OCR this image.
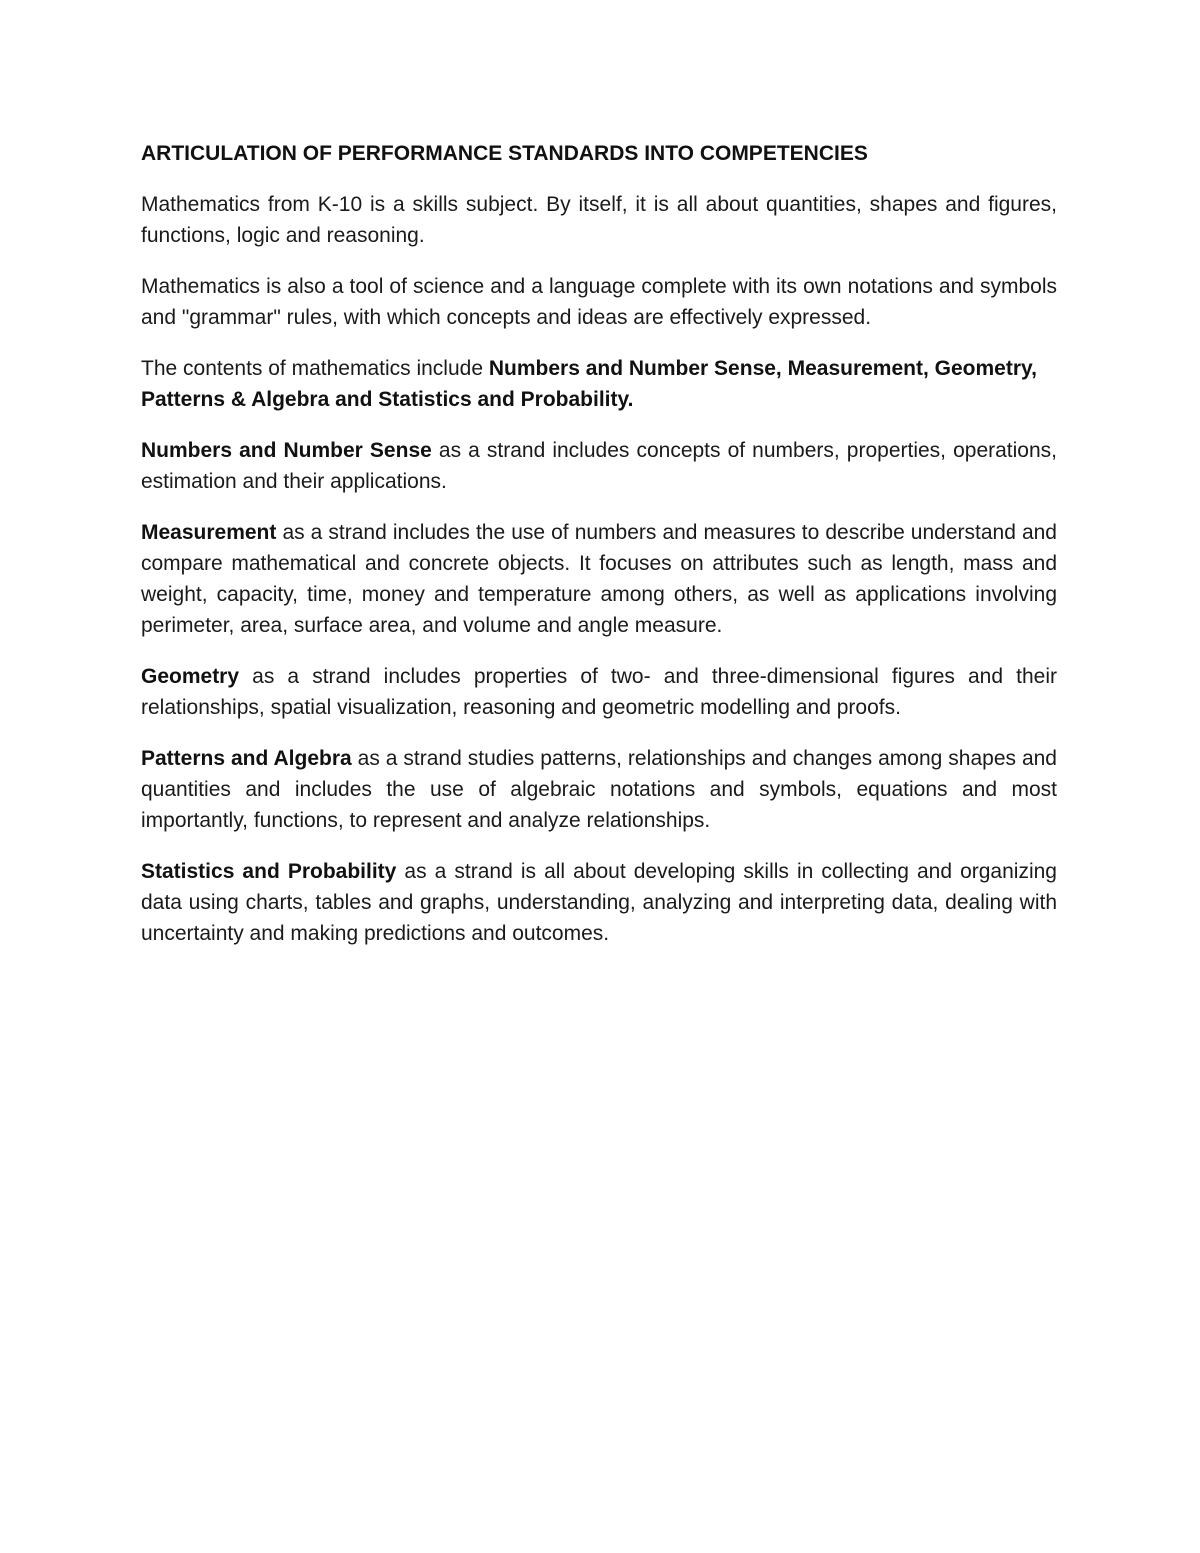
ARTICULATION OF PERFORMANCE STANDARDS INTO COMPETENCIES

Mathematics from K-10 is a skills subject. By itself, it is all about quantities, shapes and figures, functions, logic and reasoning.

Mathematics is also a tool of science and a language complete with its own notations and symbols and "grammar" rules, with which concepts and ideas are effectively expressed.

The contents of mathematics include Numbers and Number Sense, Measurement, Geometry, Patterns & Algebra and Statistics and Probability.

Numbers and Number Sense as a strand includes concepts of numbers, properties, operations, estimation and their applications.

Measurement as a strand includes the use of numbers and measures to describe understand and compare mathematical and concrete objects. It focuses on attributes such as length, mass and weight, capacity, time, money and temperature among others, as well as applications involving perimeter, area, surface area, and volume and angle measure.

Geometry as a strand includes properties of two- and three-dimensional figures and their relationships, spatial visualization, reasoning and geometric modelling and proofs.

Patterns and Algebra as a strand studies patterns, relationships and changes among shapes and quantities and includes the use of algebraic notations and symbols, equations and most importantly, functions, to represent and analyze relationships.

Statistics and Probability as a strand is all about developing skills in collecting and organizing data using charts, tables and graphs, understanding, analyzing and interpreting data, dealing with uncertainty and making predictions and outcomes.
